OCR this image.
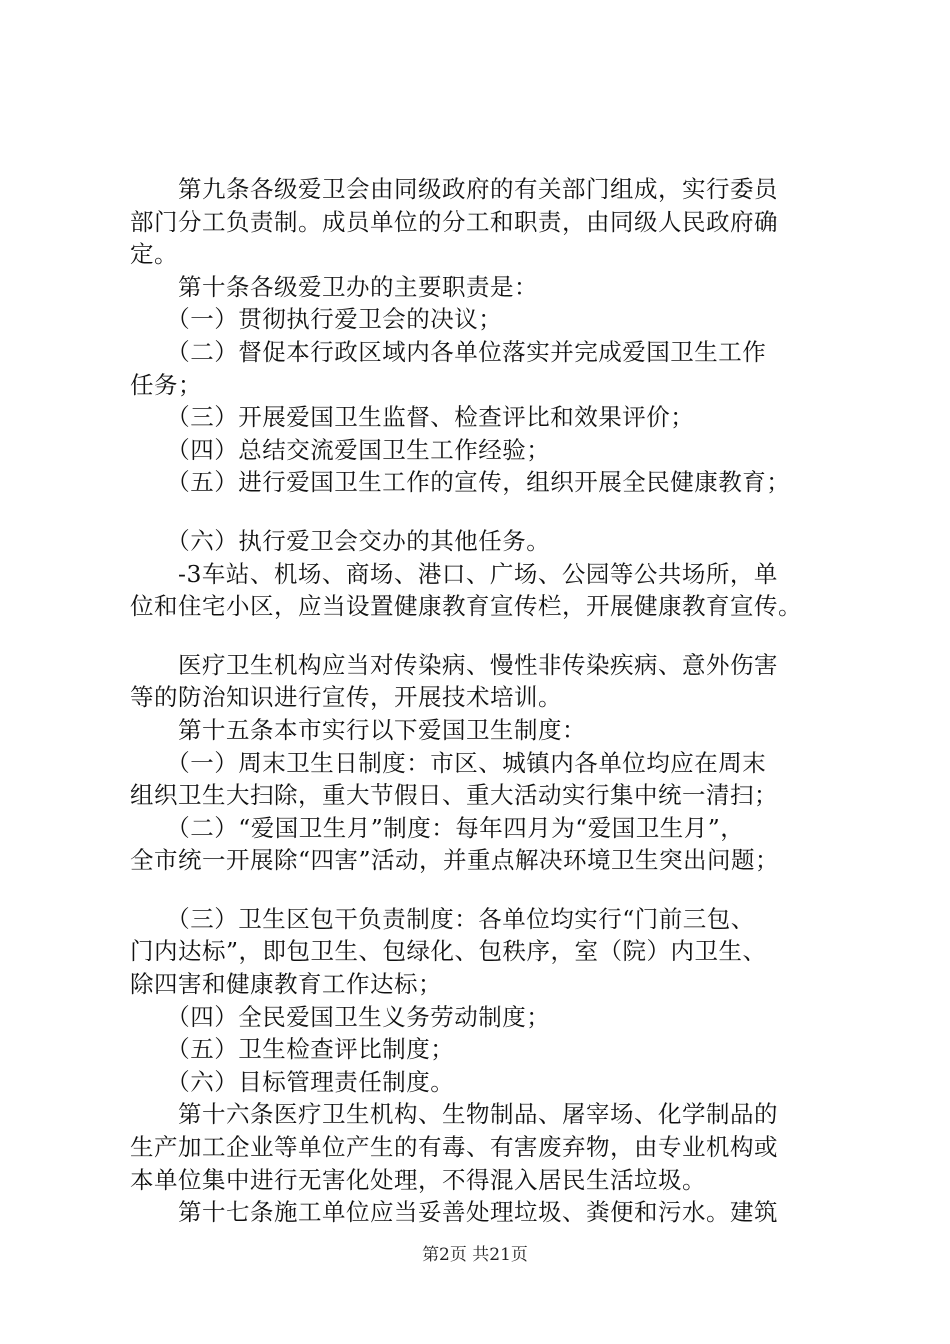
　　第九条各级爱卫会由同级政府的有关部门组成，实行委员
部门分工负责制。成员单位的分工和职责，由同级人民政府确
定。
　　第十条各级爱卫办的主要职责是：
　　（一）贯彻执行爱卫会的决议；
　　（二）督促本行政区域内各单位落实并完成爱国卫生工作
任务；
　　（三）开展爱国卫生监督、检查评比和效果评价；
　　（四）总结交流爱国卫生工作经验；
　　（五）进行爱国卫生工作的宣传，组织开展全民健康教育；
　　（六）执行爱卫会交办的其他任务。
　　-3车站、机场、商场、港口、广场、公园等公共场所，单
位和住宅小区，应当设置健康教育宣传栏，开展健康教育宣传。
　　医疗卫生机构应当对传染病、慢性非传染疾病、意外伤害
等的防治知识进行宣传，开展技术培训。
　　第十五条本市实行以下爱国卫生制度：
　　（一）周末卫生日制度：市区、城镇内各单位均应在周末
组织卫生大扫除，重大节假日、重大活动实行集中统一清扫；
　　（二）“爱国卫生月”制度：每年四月为“爱国卫生月”，
全市统一开展除“四害”活动，并重点解决环境卫生突出问题；
　　（三）卫生区包干负责制度：各单位均实行“门前三包、
门内达标”，即包卫生、包绿化、包秩序，室（院）内卫生、
除四害和健康教育工作达标；
　　（四）全民爱国卫生义务劳动制度；
　　（五）卫生检查评比制度；
　　（六）目标管理责任制度。
　　第十六条医疗卫生机构、生物制品、屠宰场、化学制品的
生产加工企业等单位产生的有毒、有害废弃物，由专业机构或
本单位集中进行无害化处理，不得混入居民生活垃圾。
　　第十七条施工单位应当妥善处理垃圾、粪便和污水。建筑
第2页 共21页
